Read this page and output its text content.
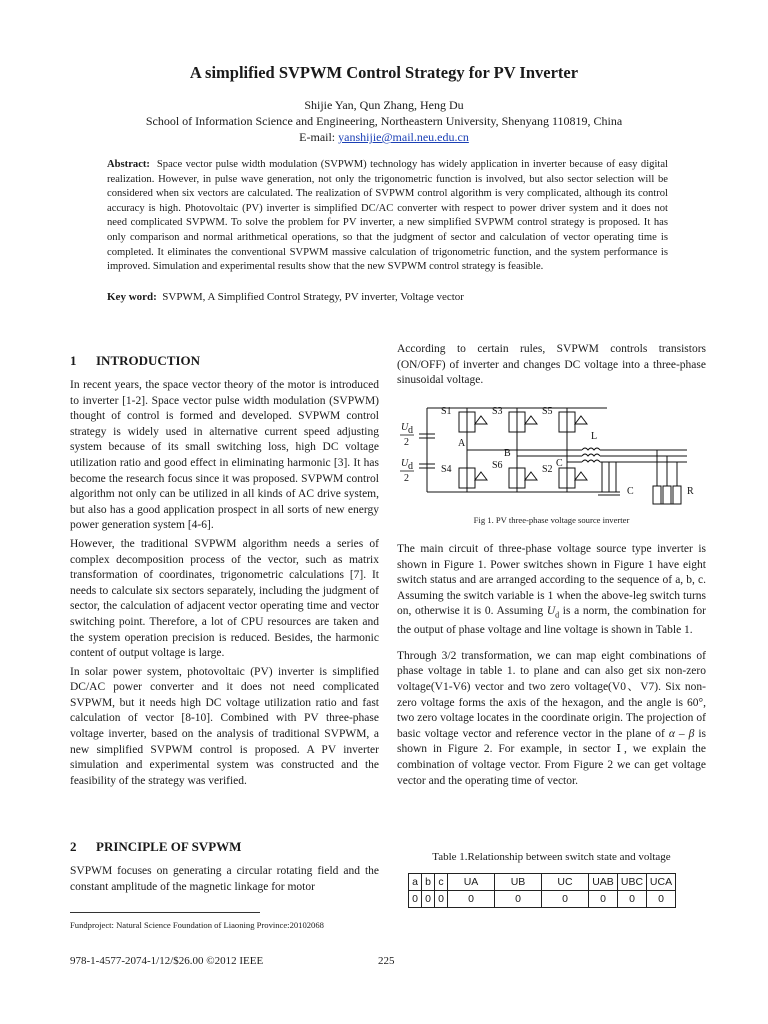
A simplified SVPWM Control Strategy for PV Inverter
Shijie Yan, Qun Zhang, Heng Du
School of Information Science and Engineering, Northeastern University, Shenyang 110819, China
E-mail: yanshijie@mail.neu.edu.cn
Abstract: Space vector pulse width modulation (SVPWM) technology has widely application in inverter because of easy digital realization. However, in pulse wave generation, not only the trigonometric function is involved, but also sector selection will be considered when six vectors are calculated. The realization of SVPWM control algorithm is very complicated, although its control accuracy is high. Photovoltaic (PV) inverter is simplified DC/AC converter with respect to power driver system and it does not need complicated SVPWM. To solve the problem for PV inverter, a new simplified SVPWM control strategy is proposed. It has only comparison and normal arithmetical operations, so that the judgment of sector and calculation of vector operating time is completed. It eliminates the conventional SVPWM massive calculation of trigonometric function, and the system performance is improved. Simulation and experimental results show that the new SVPWM control strategy is feasible.
Key word: SVPWM, A Simplified Control Strategy, PV inverter, Voltage vector
1 INTRODUCTION

In recent years, the space vector theory of the motor is introduced to inverter [1-2]. Space vector pulse width modulation (SVPWM) thought of control is formed and developed. SVPWM control strategy is widely used in alternative current speed adjusting system because of its small switching loss, high DC voltage utilization ratio and good effect in eliminating harmonic [3]. It has become the research focus since it was proposed. SVPWM control algorithm not only can be utilized in all kinds of AC drive system, but also has a good application prospect in all sorts of new energy power generation system [4-6].

However, the traditional SVPWM algorithm needs a series of complex decomposition process of the vector, such as matrix transformation of coordinates, trigonometric calculations [7]. It needs to calculate six sectors separately, including the judgment of sector, the calculation of adjacent vector operating time and vector switching point. Therefore, a lot of CPU resources are taken and the system operation precision is reduced. Besides, the harmonic content of output voltage is large.

In solar power system, photovoltaic (PV) inverter is simplified DC/AC power converter and it does not need complicated SVPWM, but it needs high DC voltage utilization ratio and fast calculation of vector [8-10]. Combined with PV three-phase voltage inverter, based on the analysis of traditional SVPWM, a new simplified SVPWM control is proposed. A PV inverter simulation and experimental system was constructed and the feasibility of the strategy was verified.

2 PRINCIPLE OF SVPWM

SVPWM focuses on generating a circular rotating field and the constant amplitude of the magnetic linkage for motor

Fundproject: Natural Science Foundation of Liaoning Province:20102068
978-1-4577-2074-1/12/$26.00 ©2012 IEEE	225

According to certain rules, SVPWM controls transistors (ON/OFF) of inverter and changes DC voltage into a three-phase sinusoidal voltage.

S1	S3	S5
S4	S6	S2
A
B
C
L
C	R
U d
2
U d
2
Fig 1. PV three-phase voltage source inverter

The main circuit of three-phase voltage source type inverter is shown in Figure 1. Power switches shown in Figure 1 have eight switch status and are arranged according to the sequence of a, b, c. Assuming the switch variable is 1 when the above-leg switch turns on, otherwise it is 0. Assuming $U_d$ is a norm, the combination for the output of phase voltage and line voltage is shown in Table 1.

Through 3/2 transformation, we can map eight combinations of phase voltage in table 1. to plane and can also get six non-zero voltage(V1-V6) vector and two zero voltage(V0、V7). Six non-zero voltage forms the axis of the hexagon, and the angle is 60°, two zero voltage locates in the coordinate origin. The projection of basic voltage vector and reference vector in the plane of α – β is shown in Figure 2. For example, in sector Ⅰ, we explain the combination of voltage vector. From Figure 2 we can get voltage vector and the operating time of vector.

Table 1.Relationship between switch state and voltage
a	b	c	UA	UB	UC	UAB	UBC	UCA
0	0	0	0	0	0	0	0	0
